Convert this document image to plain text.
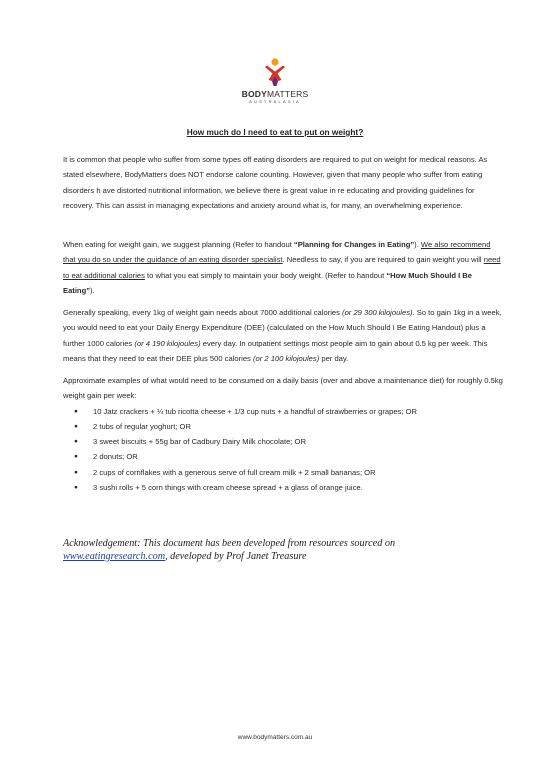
BODYMATTERS
AUSTRALASIA
How much do I need to eat to put on weight?

It is common that people who suffer from some types off eating disorders are required to put on weight for medical reasons. As stated elsewhere, BodyMatters does NOT endorse calorie counting. However, given that many people who suffer from eating disorders h ave distorted nutritional information, we believe there is great value in re educating and providing guidelines for recovery. This can assist in managing expectations and anxiety around what is, for many, an overwhelming experience.

When eating for weight gain, we suggest planning (Refer to handout “Planning for Changes in Eating”). We also recommend that you do so under the guidance of an eating disorder specialist. Needless to say, if you are required to gain weight you will need to eat additional calories to what you eat simply to maintain your body weight. (Refer to handout “How Much Should I Be Eating”).

Generally speaking, every 1kg of weight gain needs about 7000 additional calories (or 29 300 kilojoules). So to gain 1kg in a week, you would need to eat your Daily Energy Expenditure (DEE) (calculated on the How Much Should I Be Eating Handout) plus a further 1000 calories (or 4 190 kilojoules) every day. In outpatient settings most people aim to gain about 0.5 kg per week. This means that they need to eat their DEE plus 500 calories (or 2 100 kilojoules) per day.

Approximate examples of what would need to be consumed on a daily basis (over and above a maintenance diet) for roughly 0.5kg weight gain per week:

● 10 Jatz crackers + ¼ tub ricotta cheese + 1/3 cup nuts + a handful of strawberries or grapes; OR
● 2 tubs of regular yoghurt; OR
● 3 sweet biscuits + 55g bar of Cadbury Dairy Milk chocolate; OR
● 2 donuts; OR
● 2 cups of cornflakes with a generous serve of full cream milk + 2 small bananas; OR
● 3 sushi rolls + 5 corn things with cream cheese spread + a glass of orange juice.
Acknowledgement: This document has been developed from resources sourced on
www.eatingresearch.com, developed by Prof Janet Treasure
www.bodymatters.com.au
